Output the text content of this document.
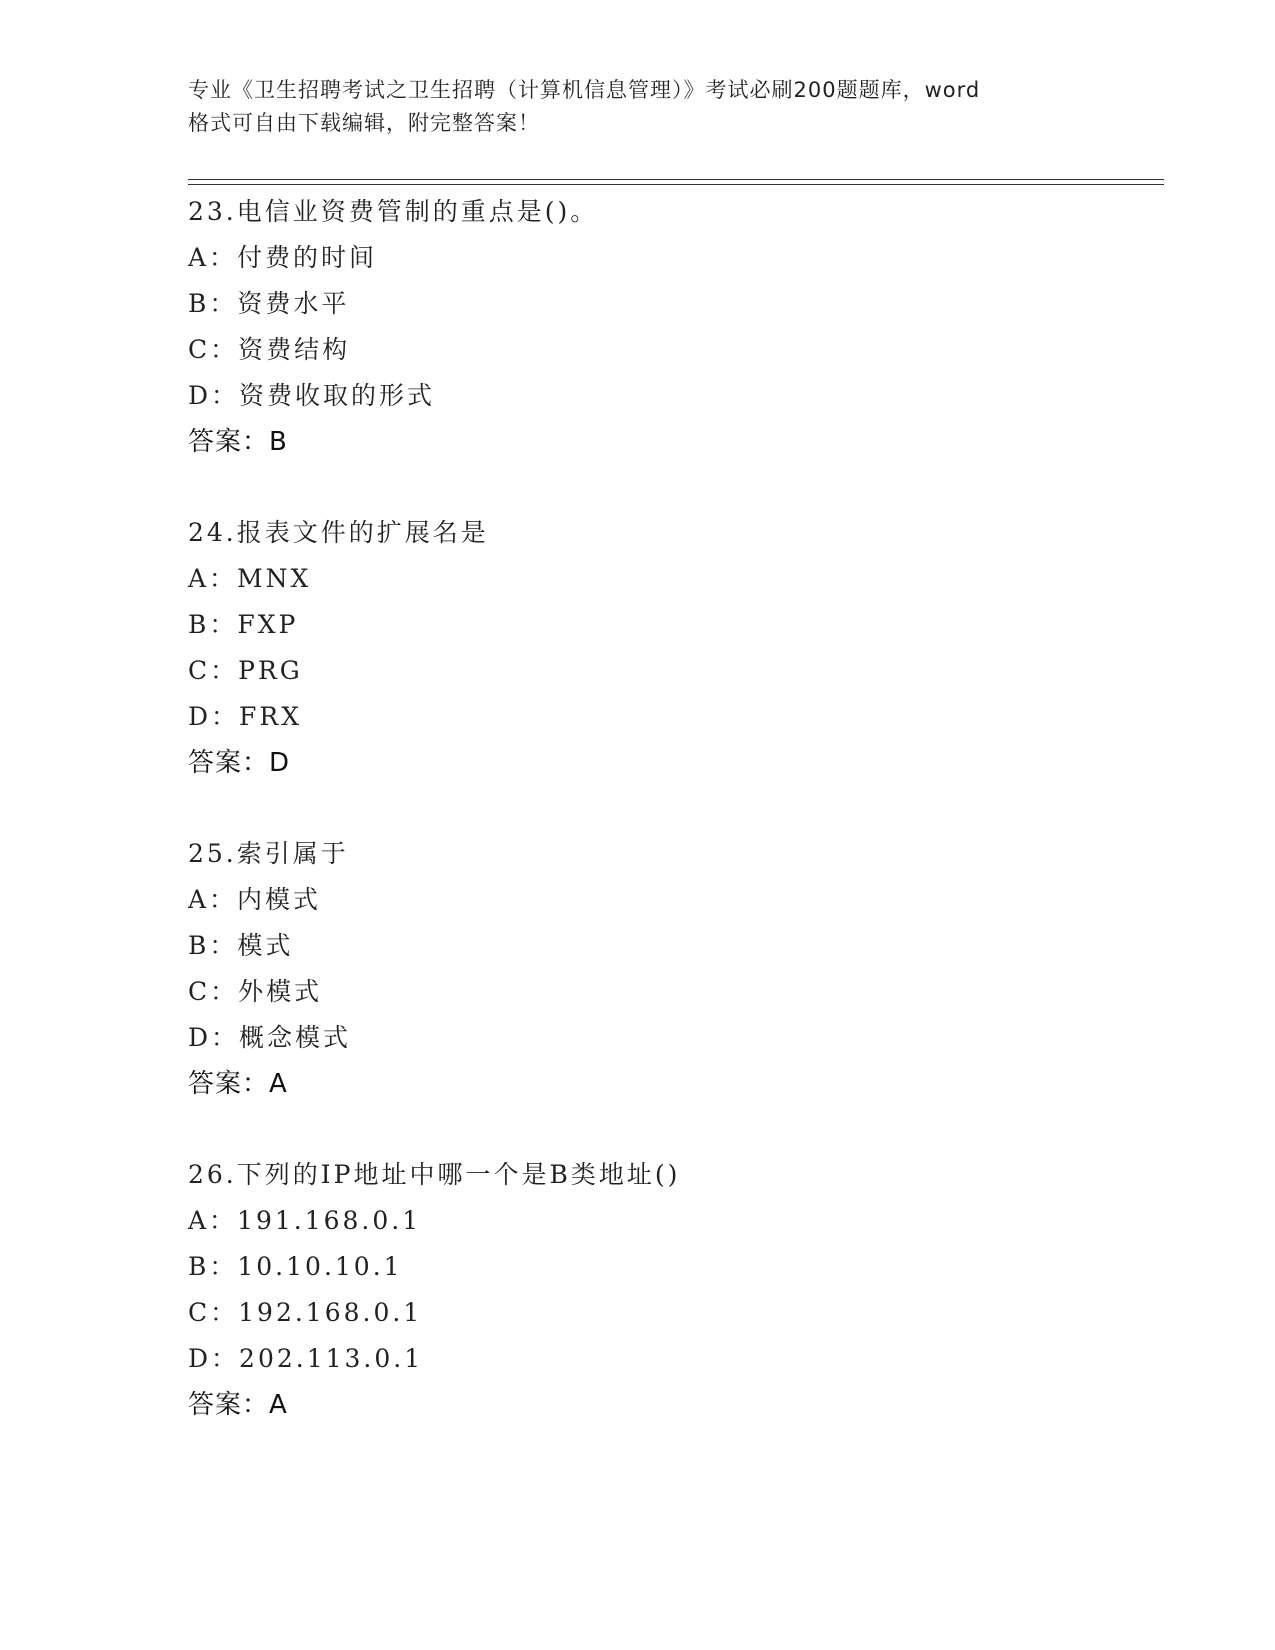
专业《卫生招聘考试之卫生招聘（计算机信息管理）》考试必刷200题题库，word
格式可自由下载编辑，附完整答案！
23.电信业资费管制的重点是()。
A：付费的时间
B：资费水平
C：资费结构
D：资费收取的形式
答案：B
24.报表文件的扩展名是
A：MNX
B：FXP
C：PRG
D：FRX
答案：D
25.索引属于
A：内模式
B：模式
C：外模式
D：概念模式
答案：A
26.下列的IP地址中哪一个是B类地址()
A：191.168.0.1
B：10.10.10.1
C：192.168.0.1
D：202.113.0.1
答案：A
